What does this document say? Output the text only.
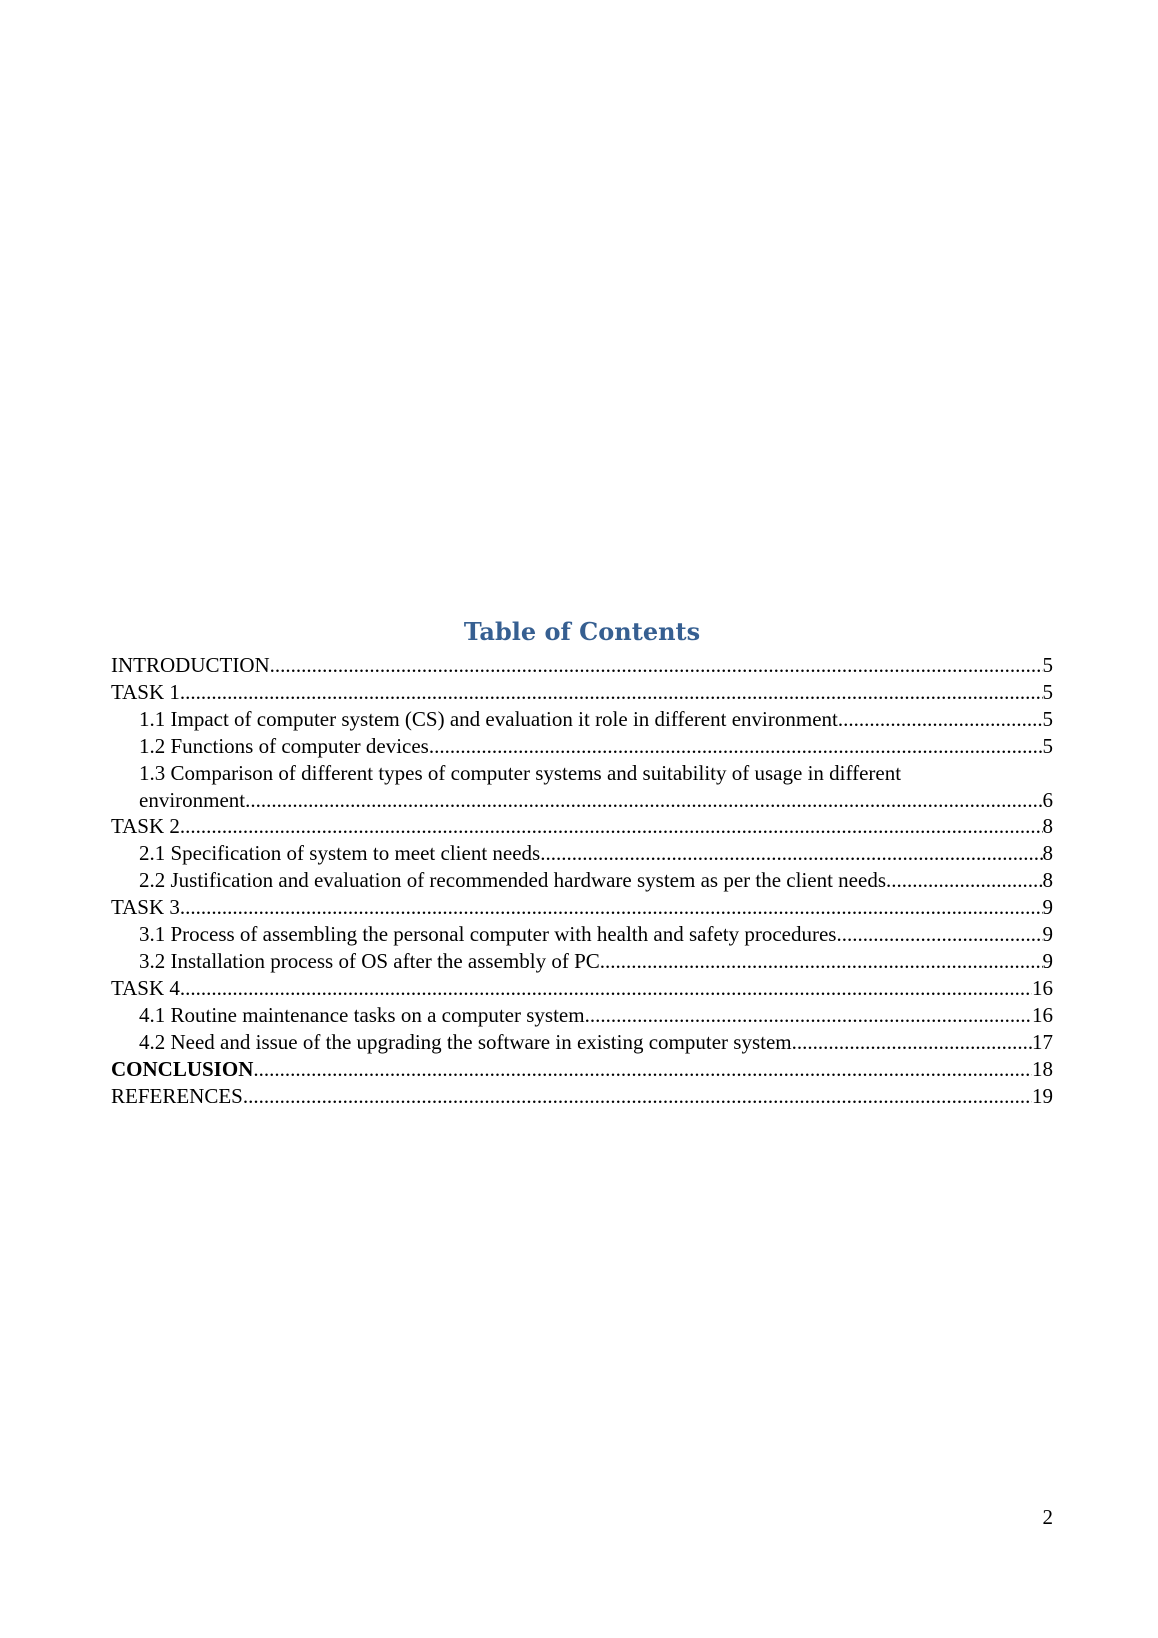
Table of Contents
INTRODUCTION .....	5
TASK 1 .....	5
1.1 Impact of computer system (CS) and evaluation it role in different environment .....	5
1.2 Functions of computer devices .....	5
1.3 Comparison of different types of computer systems and suitability of usage in different
environment .....	6
TASK 2 .....	8
2.1 Specification of system to meet client needs .....	8
2.2 Justification and evaluation of recommended hardware system as per the client needs .....	8
TASK 3 .....	9
3.1 Process of assembling the personal computer with health and safety procedures .....	9
3.2 Installation process of OS after the assembly of PC .....	9
TASK 4 .....	16
4.1 Routine maintenance tasks on a computer system .....	16
4.2 Need and issue of the upgrading the software in existing computer system .....	17
CONCLUSION .....	18
REFERENCES .....	19
2
